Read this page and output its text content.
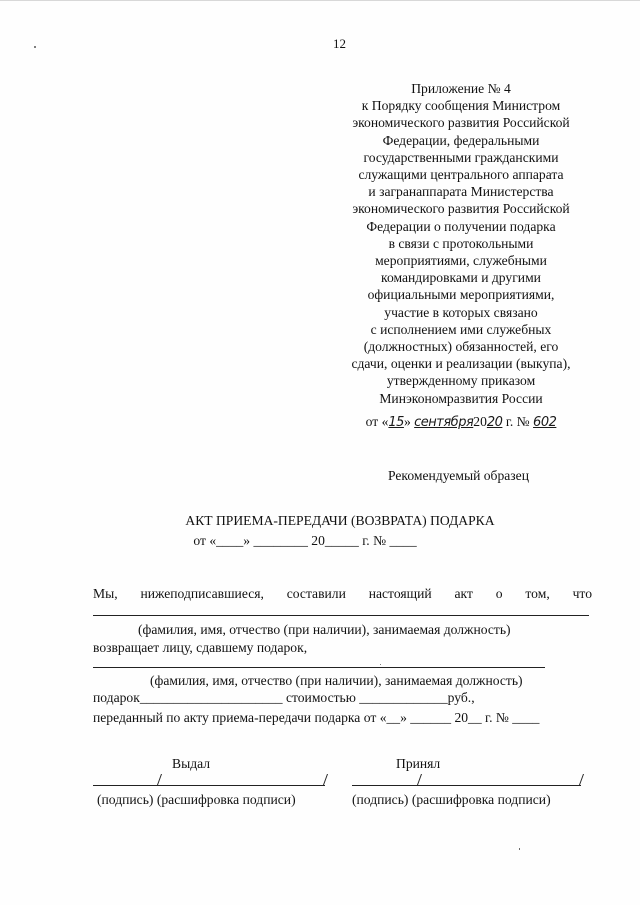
12
Приложение № 4
к Порядку сообщения Министром
экономического развития Российской
Федерации, федеральными
государственными гражданскими
служащими центрального аппарата
и загранаппарата Министерства
экономического развития Российской
Федерации о получении подарка
в связи с протокольными
мероприятиями, служебными
командировками и другими
официальными мероприятиями,
участие в которых связано
с исполнением ими служебных
(должностных) обязанностей, его
сдачи, оценки и реализации (выкупа),
утвержденному приказом
Минэкономразвития России
от «15» сентября2020 г. № 602
Рекомендуемый образец
АКТ ПРИЕМА-ПЕРЕДАЧИ (ВОЗВРАТА) ПОДАРКА
от «____» ________ 20_____ г. № ____
Мы, нижеподписавшиеся, составили настоящий акт о том, что
(фамилия, имя, отчество (при наличии), занимаемая должность)
возвращает лицу, сдавшему подарок,
(фамилия, имя, отчество (при наличии), занимаемая должность)
подарок_____________________ стоимостью _____________руб.,
переданный по акту приема-передачи подарка от «__» ______ 20__ г. № ____
Выдал	Принял
(подпись) (расшифровка подписи)	(подпись) (расшифровка подписи)
